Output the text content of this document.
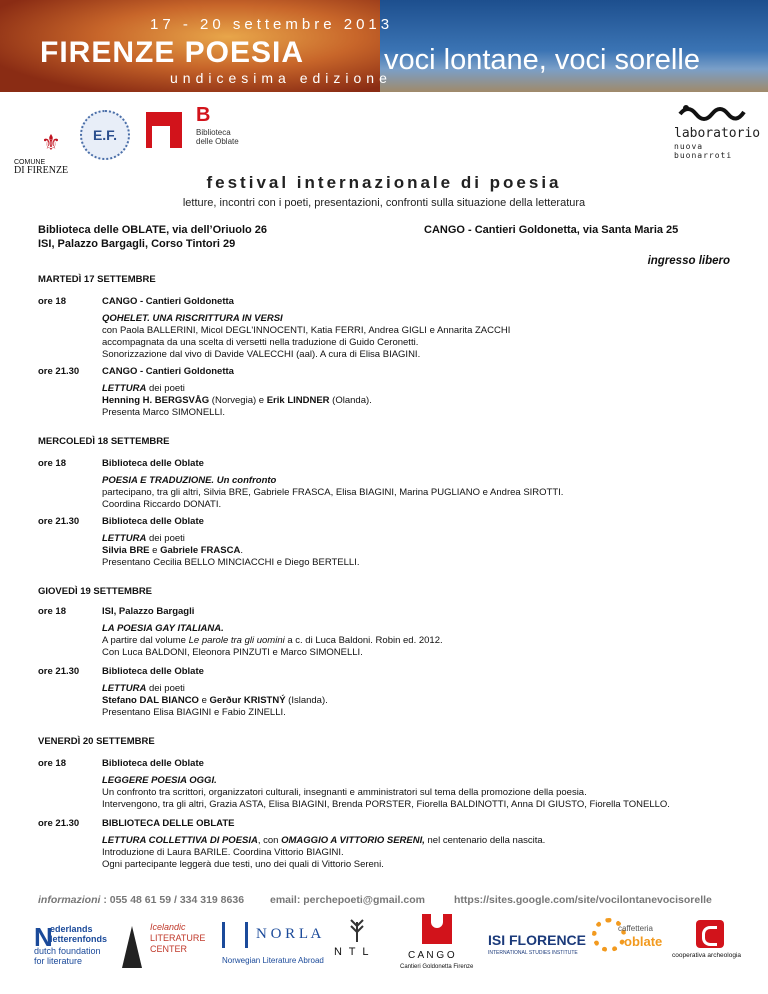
17 - 20 settembre 2013
FIRENZE POESIA
undicesima edizione
voci lontane, voci sorelle
⚜
COMUNE
DI FIRENZE
E.F.
B
Biblioteca
delle Oblate
laboratorio
nuova buonarroti
festival internazionale di poesia
letture, incontri con i poeti, presentazioni, confronti sulla situazione della letteratura
Biblioteca delle OBLATE, via dell’Oriuolo 26
ISI, Palazzo Bargagli, Corso Tintori 29
CANGO - Cantieri Goldonetta, via Santa Maria 25
ingresso libero
MARTEDÌ 17 SETTEMBRE
ore 18	CANGO - Cantieri Goldonetta
QOHELET. UNA RISCRITTURA IN VERSI
con Paola BALLERINI, Micol DEGL'INNOCENTI, Katia FERRI, Andrea GIGLI e Annarita ZACCHI
accompagnata da una scelta di versetti nella traduzione di Guido Ceronetti.
Sonorizzazione dal vivo di Davide VALECCHI (aal). A cura di Elisa BIAGINI.
ore 21.30 CANGO - Cantieri Goldonetta
LETTURA dei poeti
Henning H. BERGSVÅG (Norvegia) e Erik LINDNER (Olanda).
Presenta Marco SIMONELLI.
MERCOLEDÌ 18 SETTEMBRE
ore 18	Biblioteca delle Oblate
POESIA E TRADUZIONE. Un confronto
partecipano, tra gli altri, Silvia BRE, Gabriele FRASCA, Elisa BIAGINI, Marina PUGLIANO e Andrea SIROTTI.
Coordina Riccardo DONATI.
ore 21.30 Biblioteca delle Oblate
LETTURA dei poeti
Silvia BRE e Gabriele FRASCA.
Presentano Cecilia BELLO MINCIACCHI e Diego BERTELLI.
GIOVEDÌ 19 SETTEMBRE
ore 18	ISI, Palazzo Bargagli
LA POESIA GAY ITALIANA.
A partire dal volume Le parole tra gli uomini a c. di Luca Baldoni. Robin ed. 2012.
Con Luca BALDONI, Eleonora PINZUTI e Marco SIMONELLI.
ore 21.30 Biblioteca delle Oblate
LETTURA dei poeti
Stefano DAL BIANCO e Gerður KRISTNÝ (Islanda).
Presentano Elisa BIAGINI e Fabio ZINELLI.
VENERDÌ 20 SETTEMBRE
ore 18	Biblioteca delle Oblate
LEGGERE POESIA OGGI.
Un confronto tra scrittori, organizzatori culturali, insegnanti e amministratori sul tema della promozione della poesia.
Intervengono, tra gli altri, Grazia ASTA, Elisa BIAGINI, Brenda PORSTER, Fiorella BALDINOTTI, Anna DI GIUSTO, Fiorella TONELLO.
ore 21.30 BIBLIOTECA DELLE OBLATE
LETTURA COLLETTIVA DI POESIA, con OMAGGIO A VITTORIO SERENI, nel centenario della nascita.
Introduzione di Laura BARILE. Coordina Vittorio BIAGINI.
Ogni partecipante leggerà due testi, uno dei quali di Vittorio Sereni.
informazioni : 055 48 61 59 / 334 319 8636 email: perchepoeti@gmail.com	https://sites.google.com/site/vocilontanevocisorelle
N
ederlands
letterenfonds
dutch foundation
for literature
Icelandic
LITERATURE
CENTER
N O R L A
Norwegian Literature Abroad
N T L	C A N G O
Cantieri Goldonetta Firenze
ISI FLORENCE
INTERNATIONAL STUDIES INSTITUTE
caffetteria
oblate
cooperativa archeologia
